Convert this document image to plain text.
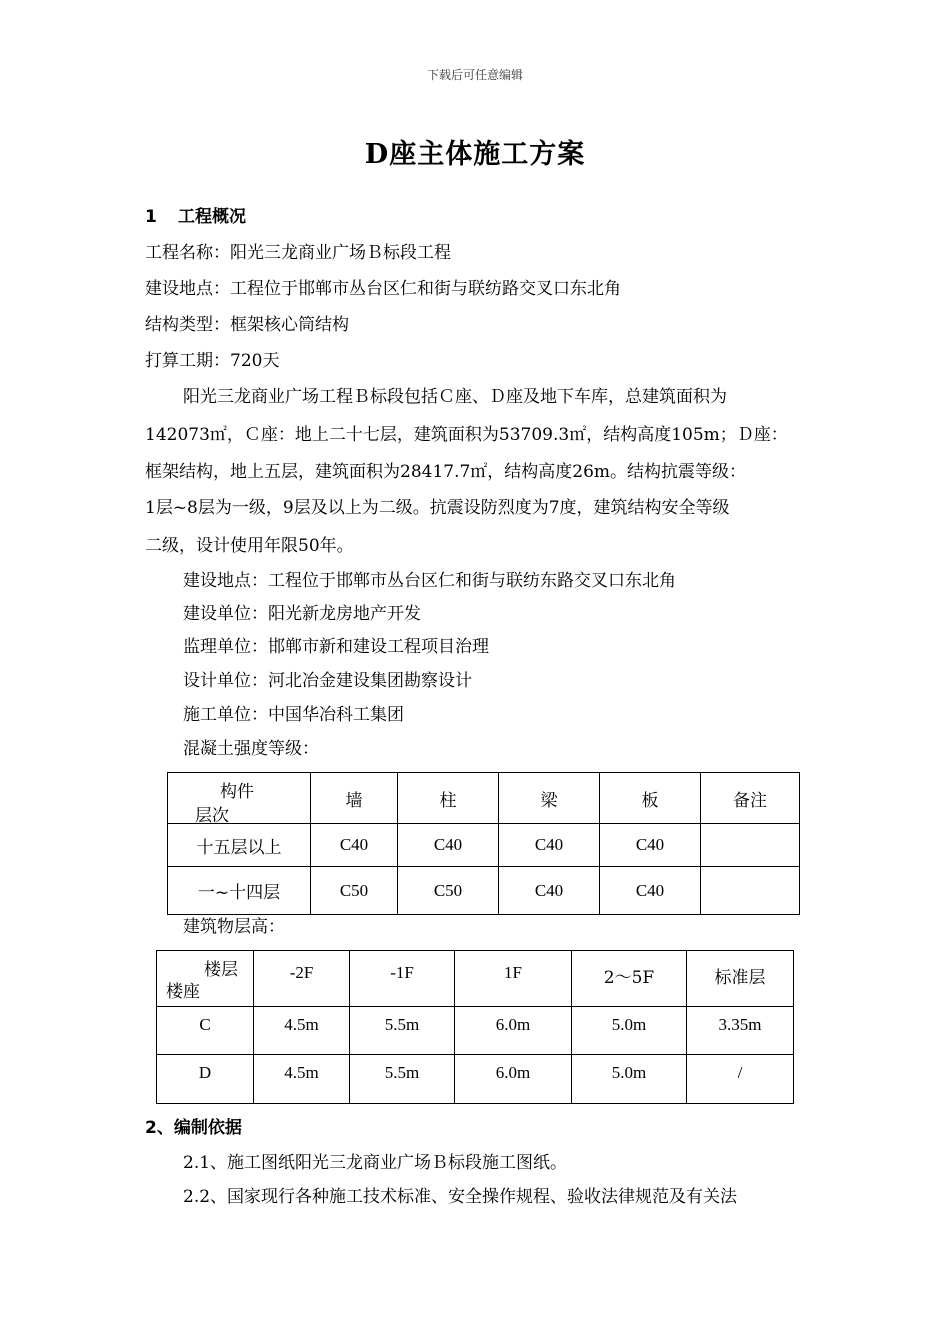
下载后可任意编辑
D座主体施工方案
1 工程概况
工程名称：阳光三龙商业广场Ｂ标段工程
建设地点：工程位于邯郸市丛台区仁和街与联纺路交叉口东北角
结构类型：框架核心筒结构
打算工期：720天
阳光三龙商业广场工程Ｂ标段包括Ｃ座、Ｄ座及地下车库，总建筑面积为
142073㎡，Ｃ座：地上二十七层，建筑面积为53709.3㎡，结构高度105m；Ｄ座：
框架结构，地上五层，建筑面积为28417.7㎡，结构高度26m。结构抗震等级：
1层~8层为一级，9层及以上为二级。抗震设防烈度为7度，建筑结构安全等级
二级，设计使用年限50年。
建设地点：工程位于邯郸市丛台区仁和街与联纺东路交叉口东北角
建设单位：阳光新龙房地产开发
监理单位：邯郸市新和建设工程项目治理
设计单位：河北冶金建设集团勘察设计
施工单位：中国华冶科工集团
混凝土强度等级：
构件
层次	墙	柱	梁	板	备注
十五层以上	C40	C40	C40	C40	
一~十四层	C50	C50	C40	C40	
建筑物层高：
楼层
楼座	-2F	-1F	1F	2～5F	标准层
C	4.5m	5.5m	6.0m	5.0m	3.35m
D	4.5m	5.5m	6.0m	5.0m	/
2、编制依据
2.1、施工图纸阳光三龙商业广场Ｂ标段施工图纸。
2.2、国家现行各种施工技术标准、安全操作规程、验收法律规范及有关法
